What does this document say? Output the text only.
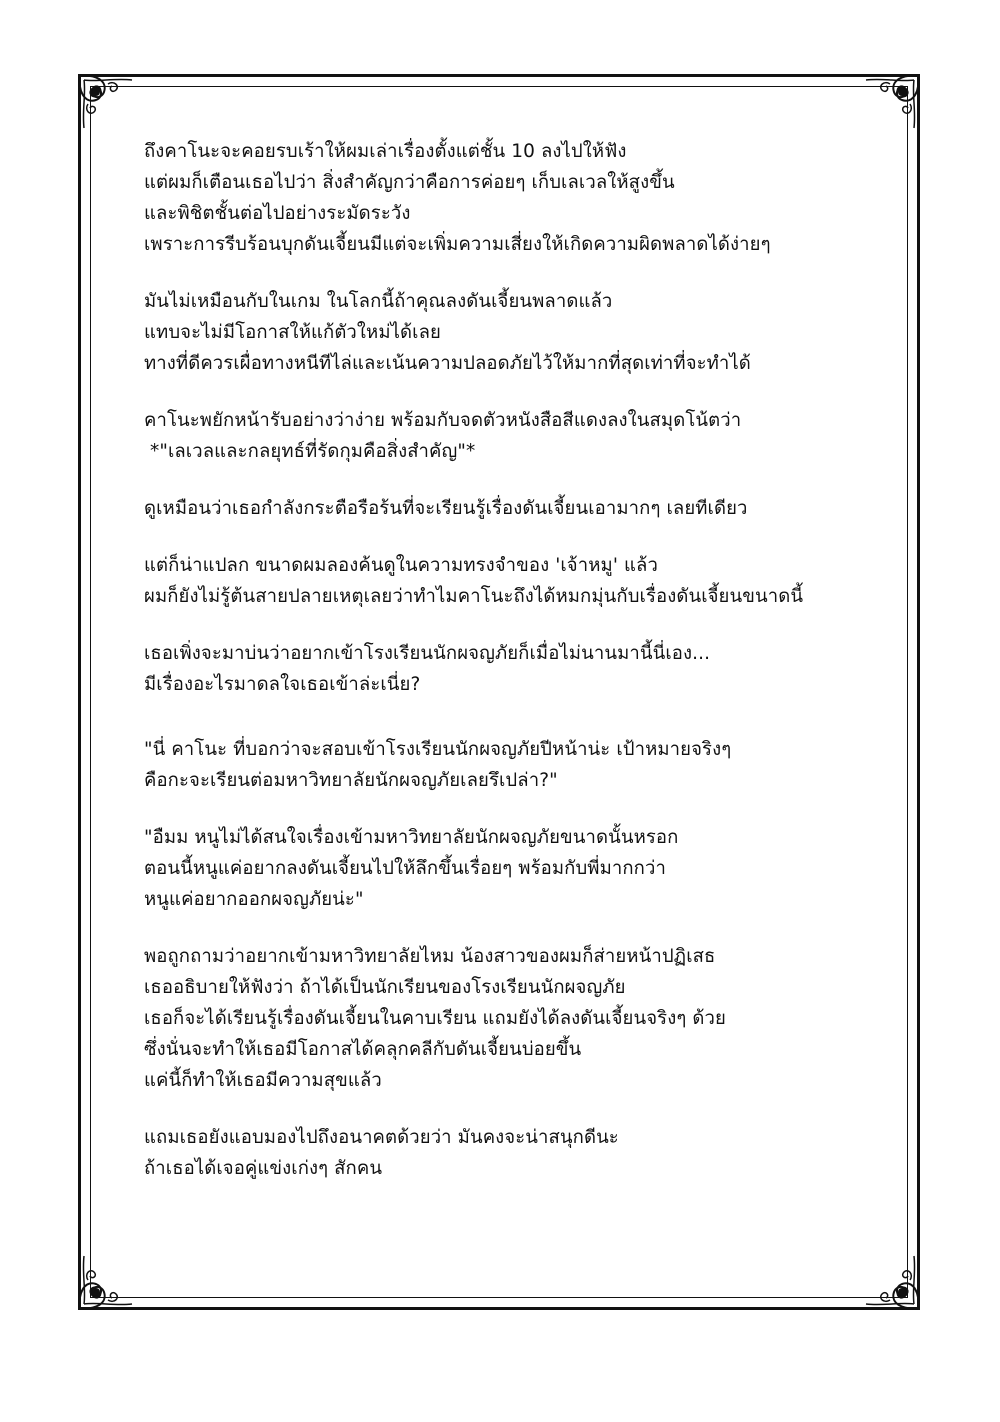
ถึงคาโนะจะคอยรบเร้าให้ผมเล่าเรื่องตั้งแต่ชั้น 10 ลงไปให้ฟัง
แต่ผมก็เตือนเธอไปว่า สิ่งสำคัญกว่าคือการค่อยๆ เก็บเลเวลให้สูงขึ้น
และพิชิตชั้นต่อไปอย่างระมัดระวัง
เพราะการรีบร้อนบุกดันเจี้ยนมีแต่จะเพิ่มความเสี่ยงให้เกิดความผิดพลาดได้ง่ายๆ

มันไม่เหมือนกับในเกม ในโลกนี้ถ้าคุณลงดันเจี้ยนพลาดแล้ว
แทบจะไม่มีโอกาสให้แก้ตัวใหม่ได้เลย
ทางที่ดีควรเผื่อทางหนีทีไล่และเน้นความปลอดภัยไว้ให้มากที่สุดเท่าที่จะทำได้

คาโนะพยักหน้ารับอย่างว่าง่าย พร้อมกับจดตัวหนังสือสีแดงลงในสมุดโน้ตว่า
*"เลเวลและกลยุทธ์ที่รัดกุมคือสิ่งสำคัญ"*

ดูเหมือนว่าเธอกำลังกระตือรือร้นที่จะเรียนรู้เรื่องดันเจี้ยนเอามากๆ เลยทีเดียว

แต่ก็น่าแปลก ขนาดผมลองค้นดูในความทรงจำของ 'เจ้าหมู' แล้ว
ผมก็ยังไม่รู้ต้นสายปลายเหตุเลยว่าทำไมคาโนะถึงได้หมกมุ่นกับเรื่องดันเจี้ยนขนาดนี้

เธอเพิ่งจะมาบ่นว่าอยากเข้าโรงเรียนนักผจญภัยก็เมื่อไม่นานมานี้นี่เอง...
มีเรื่องอะไรมาดลใจเธอเข้าล่ะเนี่ย?

"นี่ คาโนะ ที่บอกว่าจะสอบเข้าโรงเรียนนักผจญภัยปีหน้าน่ะ เป้าหมายจริงๆ
คือกะจะเรียนต่อมหาวิทยาลัยนักผจญภัยเลยรึเปล่า?"

"อืมม หนูไม่ได้สนใจเรื่องเข้ามหาวิทยาลัยนักผจญภัยขนาดนั้นหรอก
ตอนนี้หนูแค่อยากลงดันเจี้ยนไปให้ลึกขึ้นเรื่อยๆ พร้อมกับพี่มากกว่า
หนูแค่อยากออกผจญภัยน่ะ"

พอถูกถามว่าอยากเข้ามหาวิทยาลัยไหม น้องสาวของผมก็ส่ายหน้าปฏิเสธ
เธออธิบายให้ฟังว่า ถ้าได้เป็นนักเรียนของโรงเรียนนักผจญภัย
เธอก็จะได้เรียนรู้เรื่องดันเจี้ยนในคาบเรียน แถมยังได้ลงดันเจี้ยนจริงๆ ด้วย
ซึ่งนั่นจะทำให้เธอมีโอกาสได้คลุกคลีกับดันเจี้ยนบ่อยขึ้น
แค่นี้ก็ทำให้เธอมีความสุขแล้ว

แถมเธอยังแอบมองไปถึงอนาคตด้วยว่า มันคงจะน่าสนุกดีนะ
ถ้าเธอได้เจอคู่แข่งเก่งๆ สักคน
